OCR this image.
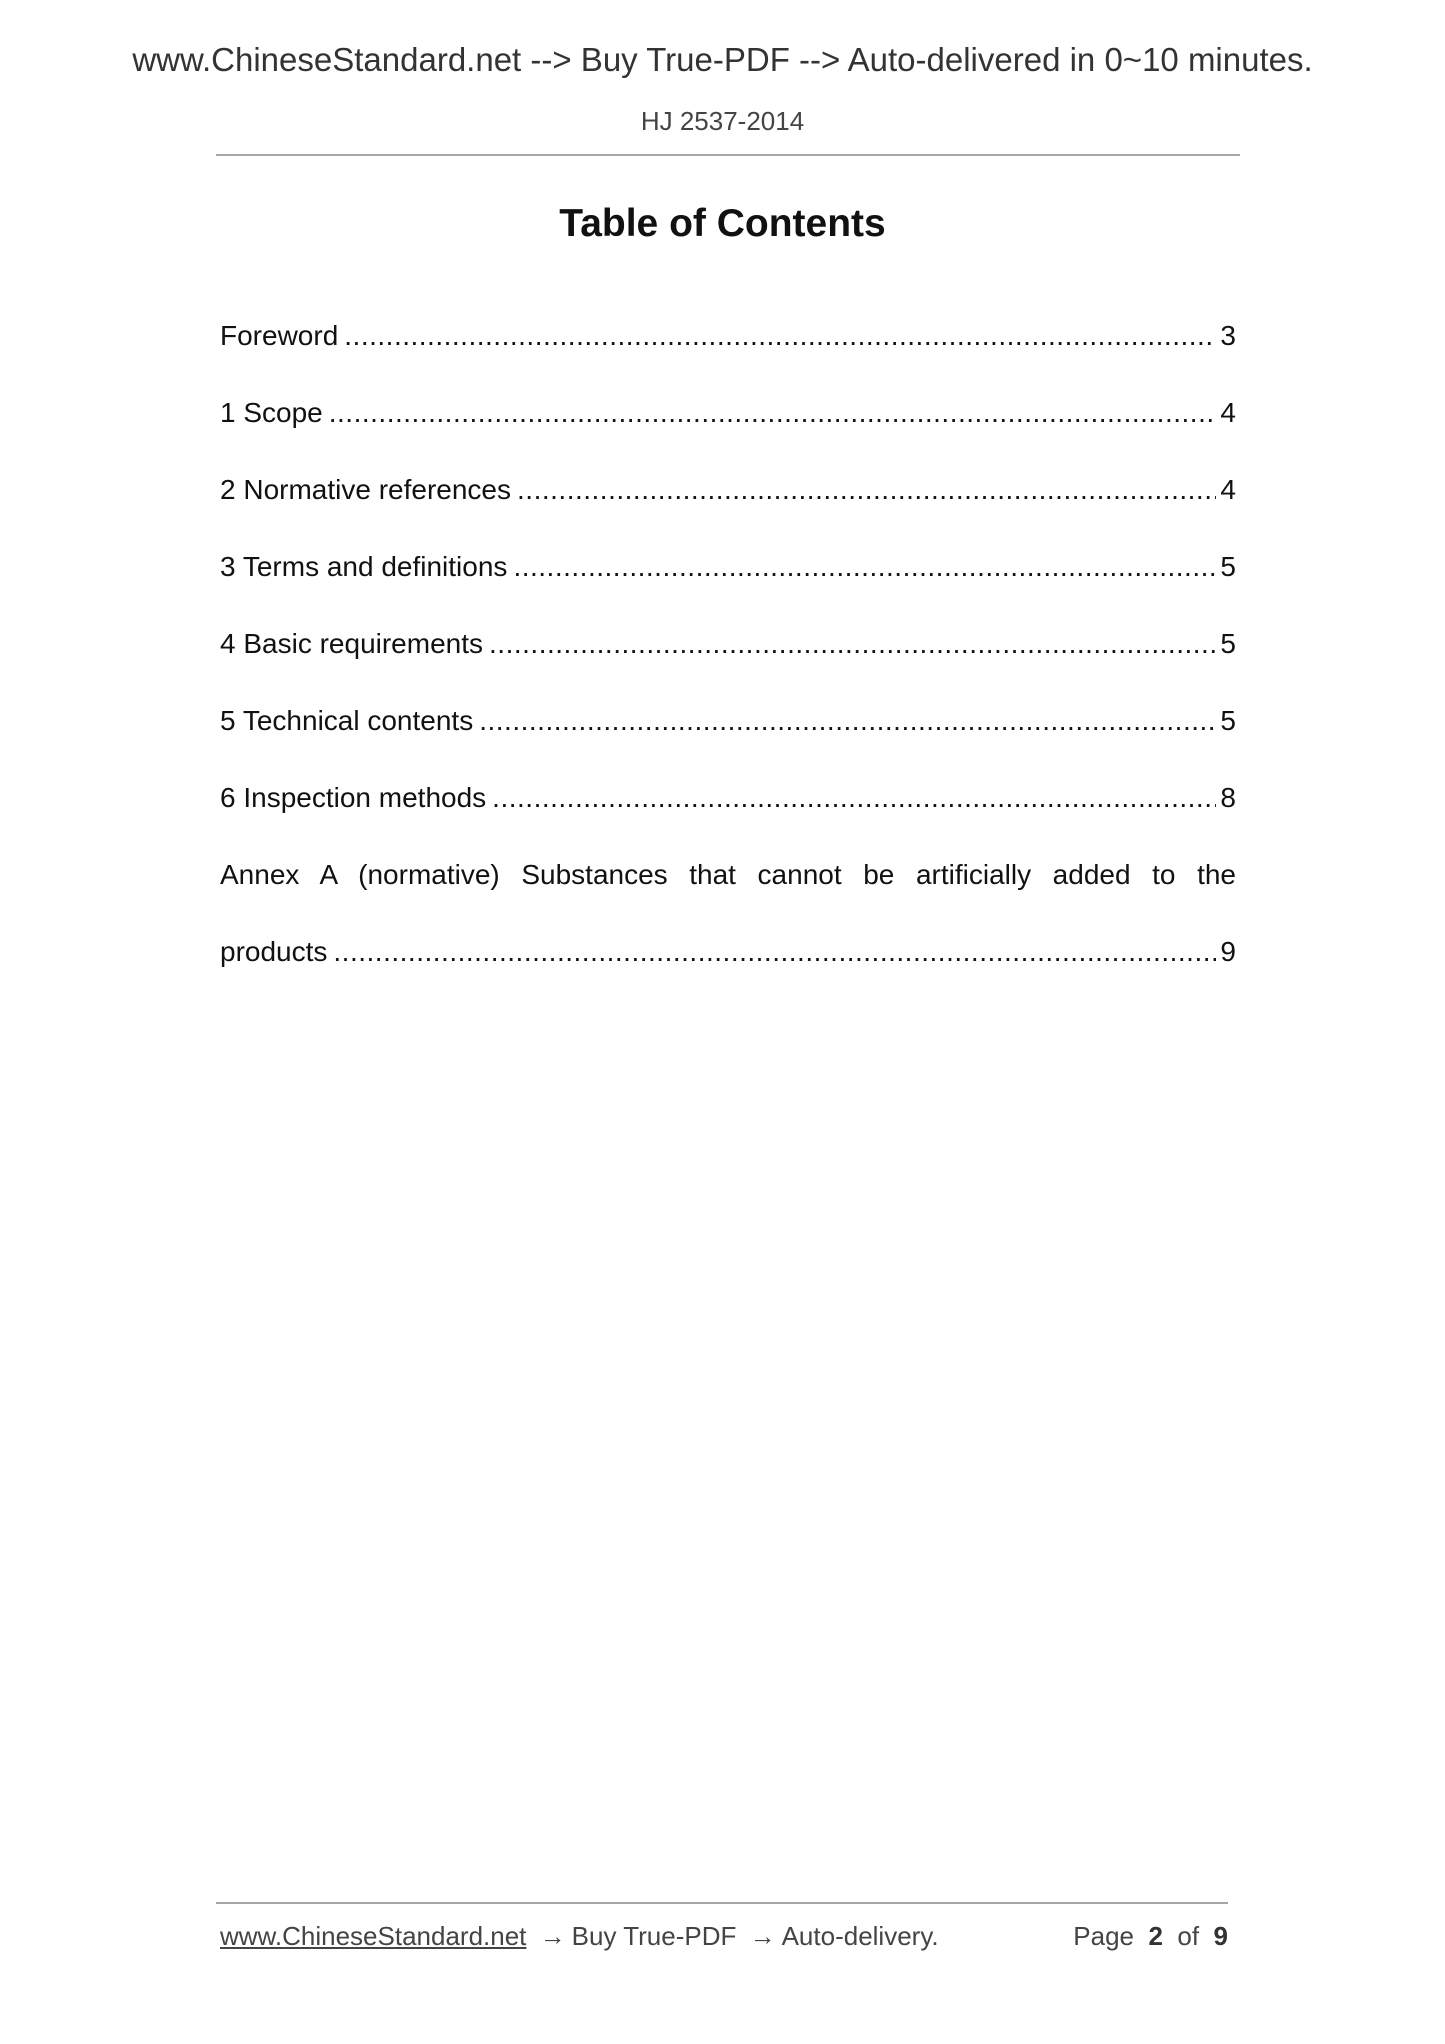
www.ChineseStandard.net --> Buy True-PDF --> Auto-delivered in 0~10 minutes.
HJ 2537-2014
Table of Contents
Foreword .....	3
1 Scope .....	4
2 Normative references .....	4
3 Terms and definitions .....	5
4 Basic requirements .....	5
5 Technical contents .....	5
6 Inspection methods .....	8
Annex A (normative) Substances that cannot be artificially added to the
products .....	9
www.ChineseStandard.net → Buy True-PDF → Auto-delivery.	Page 2 of 9
